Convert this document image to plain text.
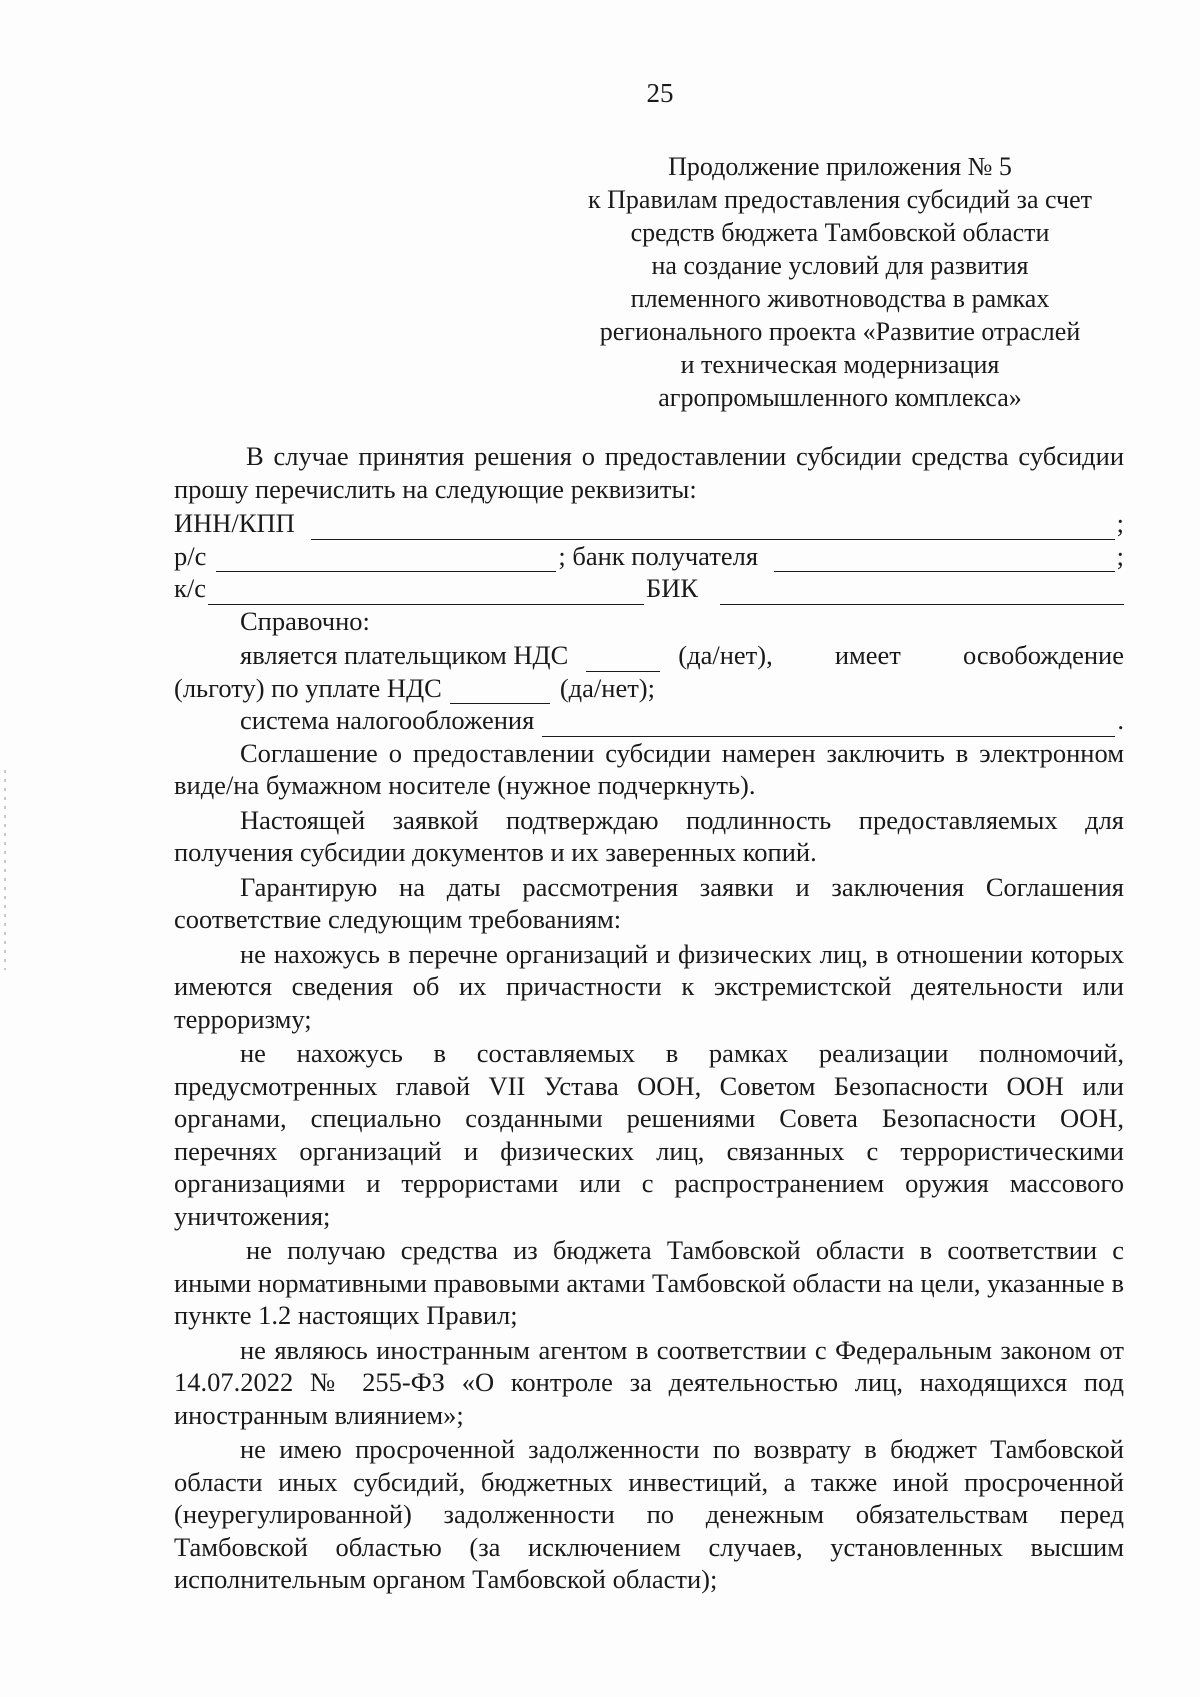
25
Продолжение приложения № 5
к Правилам предоставления субсидий за счет
средств бюджета Тамбовской области
на создание условий для развития
племенного животноводства в рамках
регионального проекта «Развитие отраслей
и техническая модернизация
агропромышленного комплекса»

В случае принятия решения о предоставлении субсидии средства субсидии прошу перечислить на следующие реквизиты:

ИНН/КПП	;
р/с	; банк получателя	;
к/с	БИК

Справочно:

является плательщиком НДС	(да/нет), имеет освобождение
(льготу) по уплате НДС	(да/нет);
система налогообложения	.

Соглашение о предоставлении субсидии намерен заключить в электронном виде/на бумажном носителе (нужное подчеркнуть).

Настоящей заявкой подтверждаю подлинность предоставляемых для получения субсидии документов и их заверенных копий.

Гарантирую на даты рассмотрения заявки и заключения Соглашения соответствие следующим требованиям:

не нахожусь в перечне организаций и физических лиц, в отношении которых имеются сведения об их причастности к экстремистской деятельности или терроризму;

не нахожусь в составляемых в рамках реализации полномочий, предусмотренных главой VII Устава ООН, Советом Безопасности ООН или органами, специально созданными решениями Совета Безопасности ООН, перечнях организаций и физических лиц, связанных с террористическими организациями и террористами или с распространением оружия массового уничтожения;

не получаю средства из бюджета Тамбовской области в соответствии с иными нормативными правовыми актами Тамбовской области на цели, указанные в пункте 1.2 настоящих Правил;

не являюсь иностранным агентом в соответствии с Федеральным законом от 14.07.2022 № 255-ФЗ «О контроле за деятельностью лиц, находящихся под иностранным влиянием»;

не имею просроченной задолженности по возврату в бюджет Тамбовской области иных субсидий, бюджетных инвестиций, а также иной просроченной (неурегулированной) задолженности по денежным обязательствам перед Тамбовской областью (за исключением случаев, установленных высшим исполнительным органом Тамбовской области);
